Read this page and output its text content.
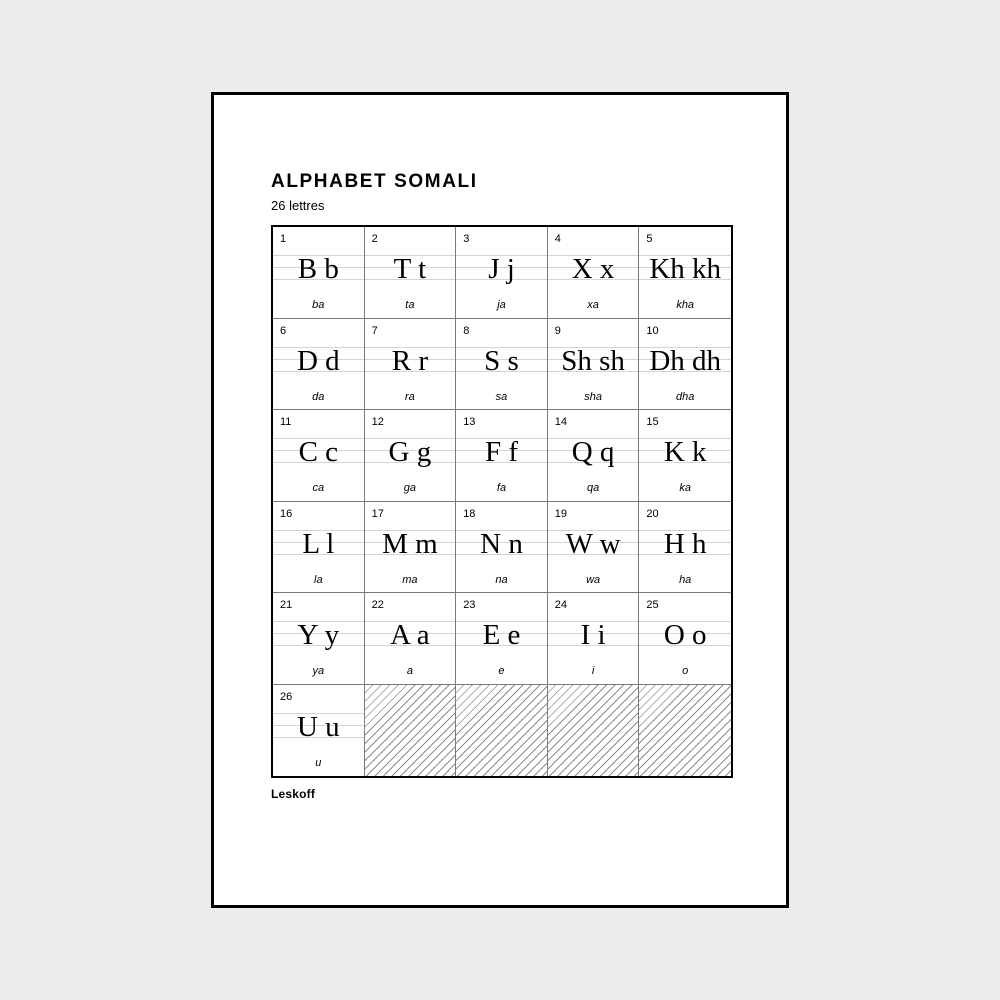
ALPHABET SOMALI
26 lettres
1
B b
ba
2
T t
ta
3
J j
ja
4
X x
xa
5
Kh kh
kha
6
D d
da
7
R r
ra
8
S s
sa
9
Sh sh
sha
10
Dh dh
dha
11
C c
ca
12
G g
ga
13
F f
fa
14
Q q
qa
15
K k
ka
16
L l
la
17
M m
ma
18
N n
na
19
W w
wa
20
H h
ha
21
Y y
ya
22
A a
a
23
E e
e
24
I i
i
25
O o
o
26
U u
u
Leskoff
